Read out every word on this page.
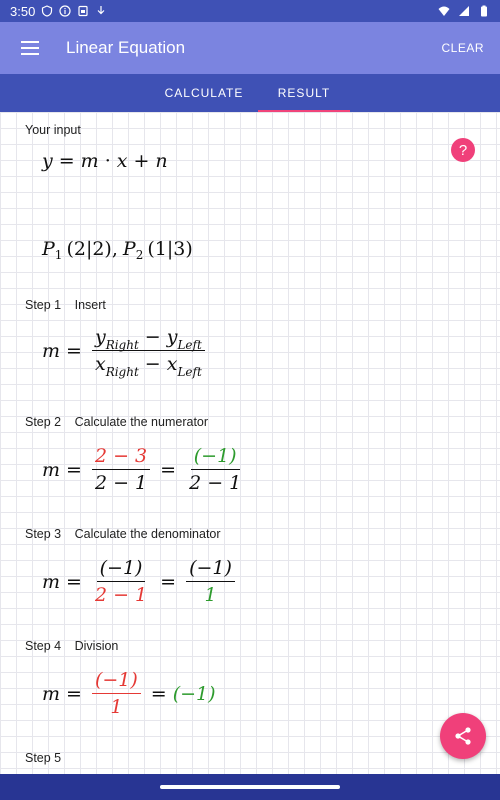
3:50
Linear Equation	CLEAR
CALCULATE	RESULT
Your input
y = m · x + n
P 1 (2|2) , P 2 (1|3)
Step 1 Insert
$m = \frac{y_{Right} - y_{Left}}{x_{Right} - x_{Left}}$
Step 2 Calculate the numerator
$m = \frac{2 - 3}{2 - 1} = \frac{(-1)}{2 - 1}$
Step 3 Calculate the denominator
$m = \frac{(-1)}{2 - 1} = \frac{(-1)}{1}$
Step 4 Division
$m = \frac{(-1)}{1} = (-1)$
Step 5
?
